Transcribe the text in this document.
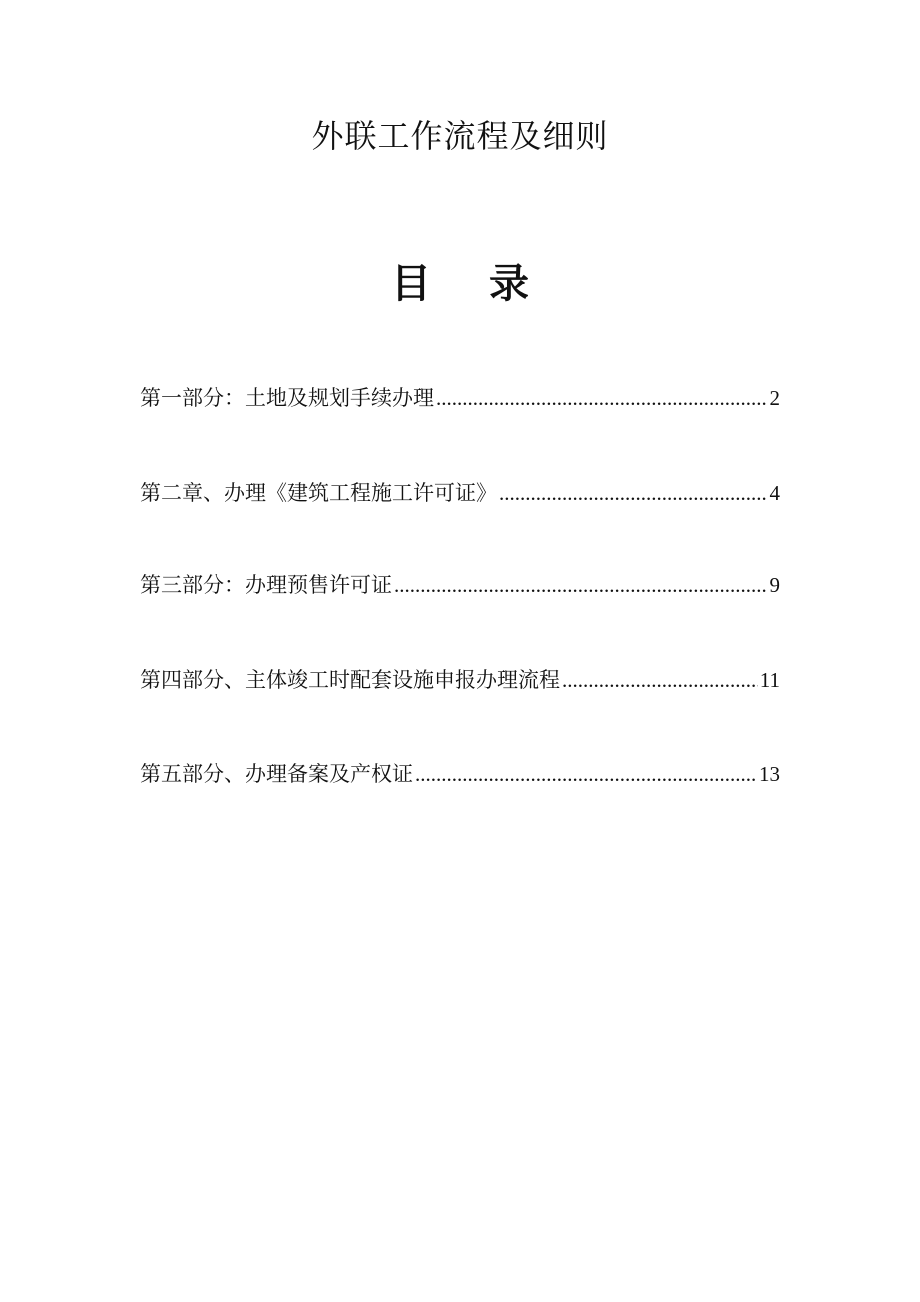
外联工作流程及细则
目 录
第一部分：土地及规划手续办理 .....	2
第二章、办理《建筑工程施工许可证》 .....	4
第三部分：办理预售许可证 .....	9
第四部分、主体竣工时配套设施申报办理流程 .....	11
第五部分、办理备案及产权证 .....	13
